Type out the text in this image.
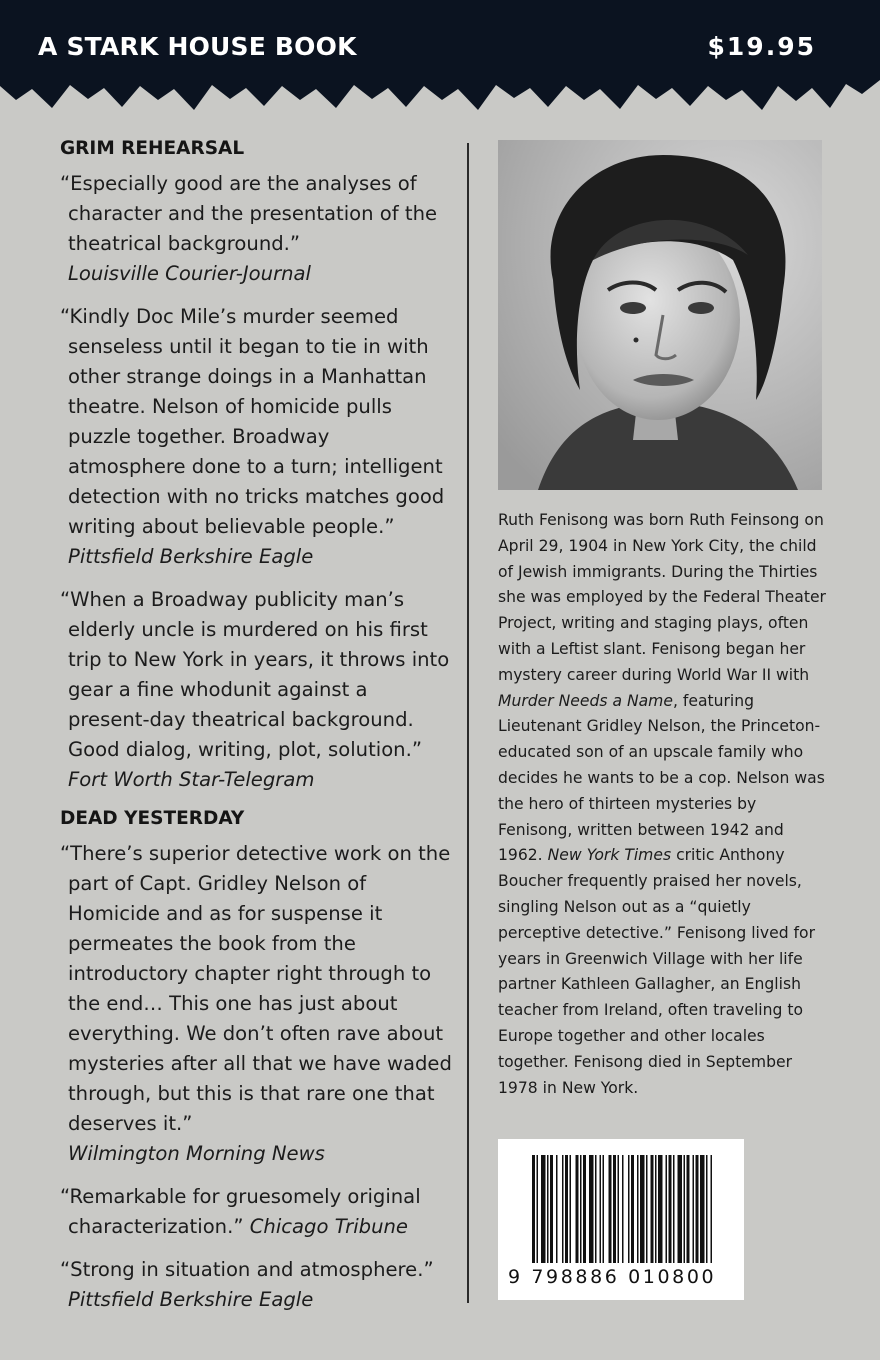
A STARK HOUSE BOOK	$19.95
GRIM REHEARSAL
“Especially good are the analyses of character and the presentation of the theatrical background.”
Louisville Courier-Journal
“Kindly Doc Mile’s murder seemed senseless until it began to tie in with other strange doings in a Manhattan theatre. Nelson of homicide pulls puzzle together. Broadway atmosphere done to a turn; intelligent detection with no tricks matches good writing about believable people.”
Pittsfield Berkshire Eagle
“When a Broadway publicity man’s elderly uncle is murdered on his first trip to New York in years, it throws into gear a fine whodunit against a present-day theatrical background. Good dialog, writing, plot, solution.”
Fort Worth Star-Telegram
DEAD YESTERDAY
“There’s superior detective work on the part of Capt. Gridley Nelson of Homicide and as for suspense it permeates the book from the introductory chapter right through to the end… This one has just about everything. We don’t often rave about mysteries after all that we have waded through, but this is that rare one that deserves it.”
Wilmington Morning News
“Remarkable for gruesomely original characterization.” Chicago Tribune
“Strong in situation and atmosphere.”
Pittsfield Berkshire Eagle
Ruth Fenisong was born Ruth Feinsong on April 29, 1904 in New York City, the child of Jewish immigrants. During the Thirties she was employed by the Federal Theater Project, writing and staging plays, often with a Leftist slant. Fenisong began her mystery career during World War II with Murder Needs a Name, featuring Lieutenant Gridley Nelson, the Princeton-educated son of an upscale family who decides he wants to be a cop. Nelson was the hero of thirteen mysteries by Fenisong, written between 1942 and 1962. New York Times critic Anthony Boucher frequently praised her novels, singling Nelson out as a “quietly perceptive detective.” Fenisong lived for years in Greenwich Village with her life partner Kathleen Gallagher, an English teacher from Ireland, often traveling to Europe together and other locales together. Fenisong died in September 1978 in New York.
9 798886 010800
